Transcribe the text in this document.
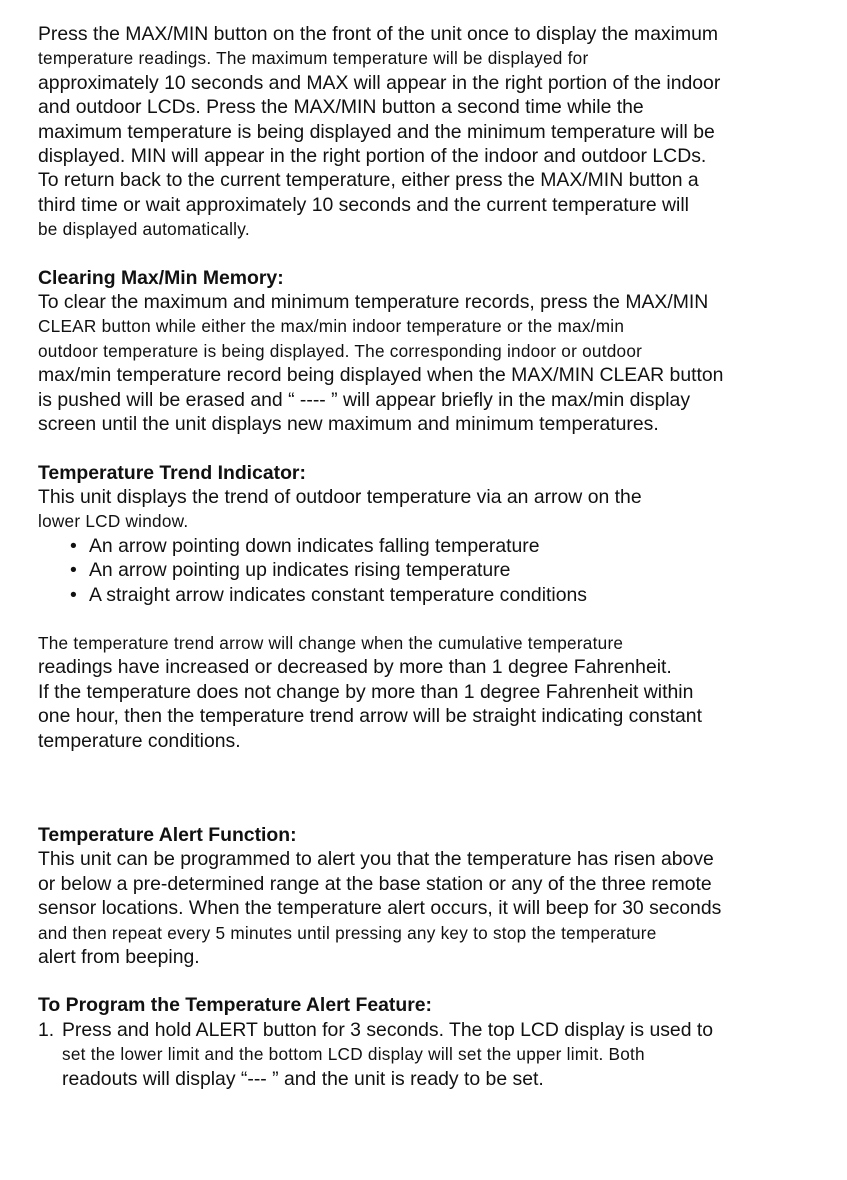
Press the MAX/MIN button on the front of the unit once to display the maximum
temperature readings. The maximum temperature will be displayed for
approximately 10 seconds and MAX will appear in the right portion of the indoor
and outdoor LCDs. Press the MAX/MIN button a second time while the
maximum temperature is being displayed and the minimum temperature will be
displayed. MIN will appear in the right portion of the indoor and outdoor LCDs.
To return back to the current temperature, either press the MAX/MIN button a
third time or wait approximately 10 seconds and the current temperature will
be displayed automatically.
Clearing Max/Min Memory:
To clear the maximum and minimum temperature records, press the MAX/MIN
CLEAR button while either the max/min indoor temperature or the max/min
outdoor temperature is being displayed. The corresponding indoor or outdoor
max/min temperature record being displayed when the MAX/MIN CLEAR button
is pushed will be erased and “ ---- ” will appear briefly in the max/min display
screen until the unit displays new maximum and minimum temperatures.
Temperature Trend Indicator:
This unit displays the trend of outdoor temperature via an arrow on the
lower LCD window.
• An arrow pointing down indicates falling temperature
• An arrow pointing up indicates rising temperature
• A straight arrow indicates constant temperature conditions
The temperature trend arrow will change when the cumulative temperature
readings have increased or decreased by more than 1 degree Fahrenheit.
If the temperature does not change by more than 1 degree Fahrenheit within
one hour, then the temperature trend arrow will be straight indicating constant
temperature conditions.
Temperature Alert Function:
This unit can be programmed to alert you that the temperature has risen above
or below a pre-determined range at the base station or any of the three remote
sensor locations. When the temperature alert occurs, it will beep for 30 seconds
and then repeat every 5 minutes until pressing any key to stop the temperature
alert from beeping.
To Program the Temperature Alert Feature:
1. Press and hold ALERT button for 3 seconds. The top LCD display is used to
set the lower limit and the bottom LCD display will set the upper limit. Both
readouts will display “--- ” and the unit is ready to be set.
